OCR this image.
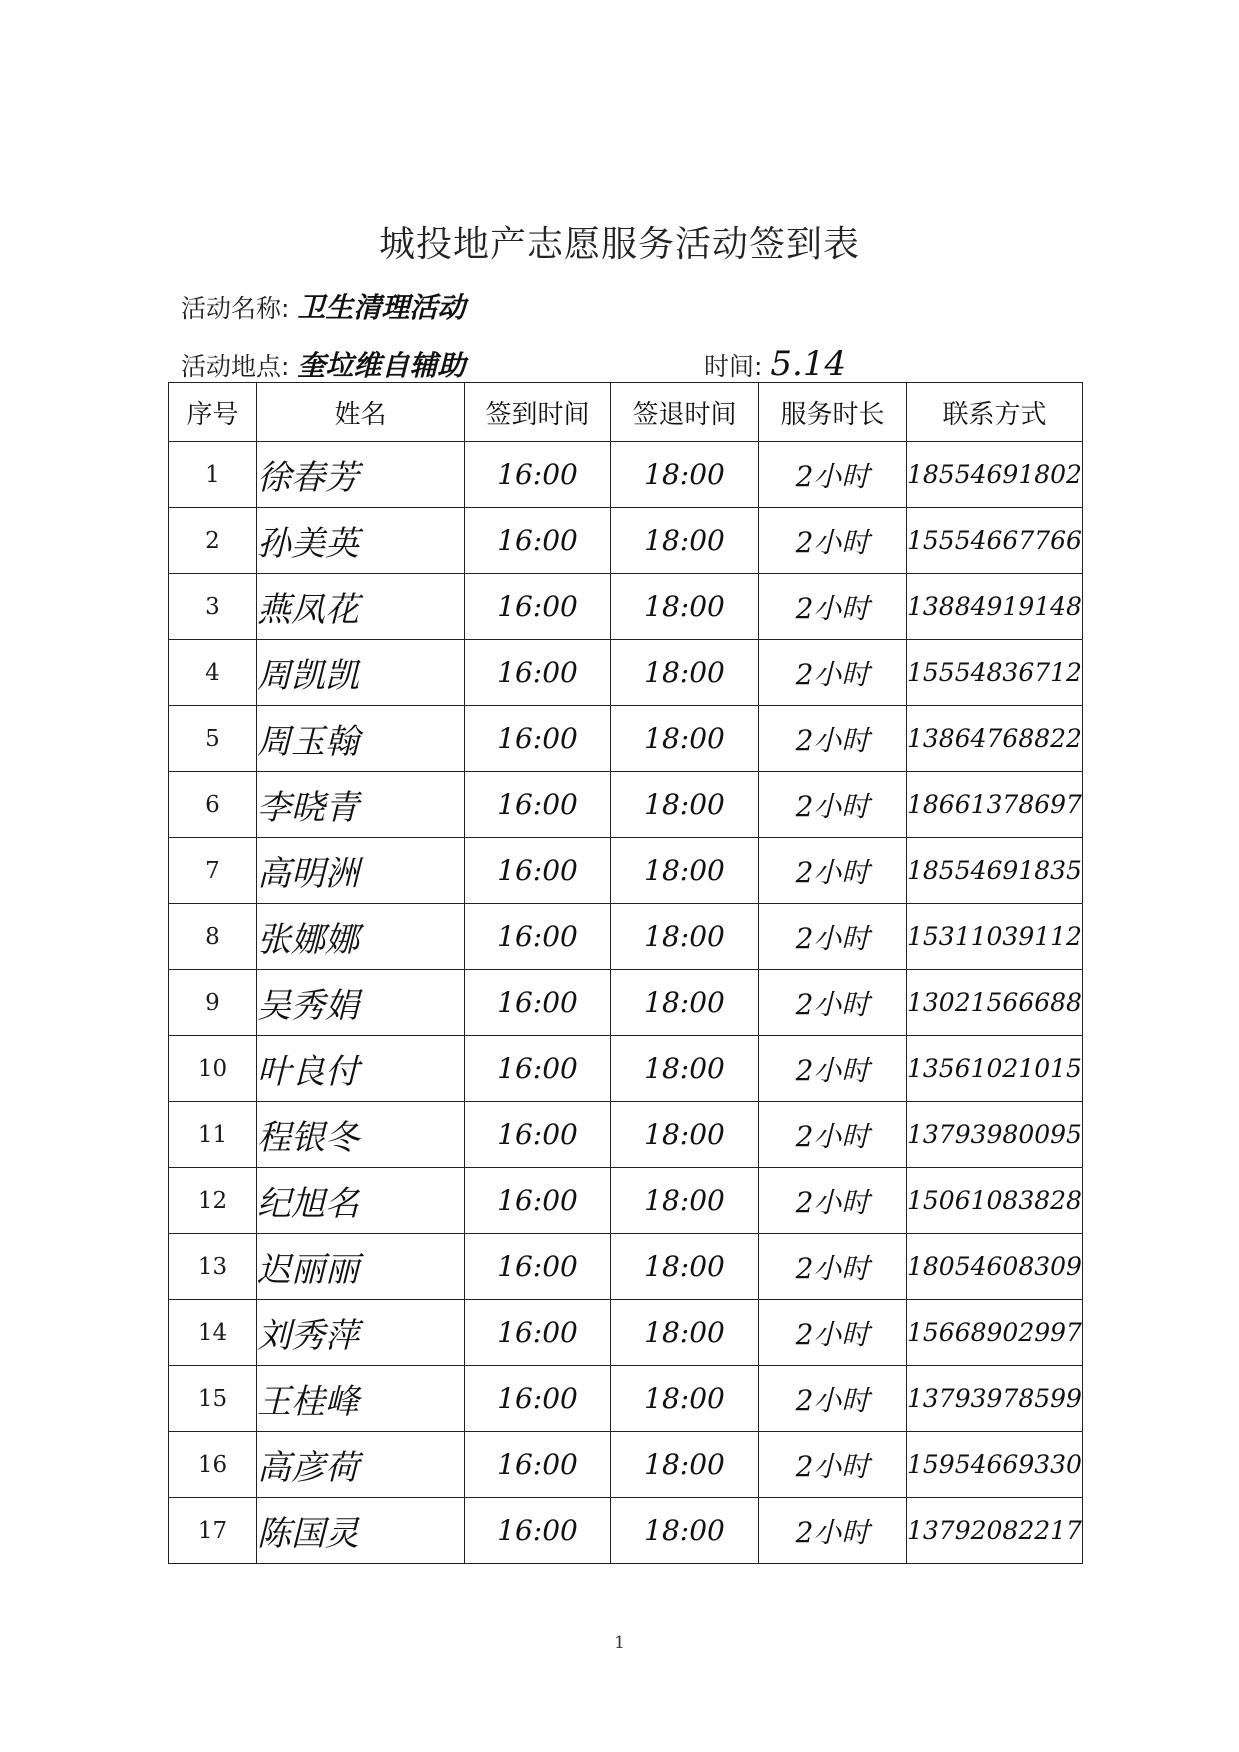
城投地产志愿服务活动签到表
活动名称: 卫生清理活动
活动地点: 奎垃维自辅助	时间: 5.14
序号	姓名	签到时间	签退时间	服务时长	联系方式
1	徐春芳	16:00	18:00	2小时	18554691802
2	孙美英	16:00	18:00	2小时	15554667766
3	燕凤花	16:00	18:00	2小时	13884919148
4	周凯凯	16:00	18:00	2小时	15554836712
5	周玉翰	16:00	18:00	2小时	13864768822
6	李晓青	16:00	18:00	2小时	18661378697
7	高明洲	16:00	18:00	2小时	18554691835
8	张娜娜	16:00	18:00	2小时	15311039112
9	吴秀娟	16:00	18:00	2小时	13021566688
10	叶良付	16:00	18:00	2小时	13561021015
11	程银冬	16:00	18:00	2小时	13793980095
12	纪旭名	16:00	18:00	2小时	15061083828
13	迟丽丽	16:00	18:00	2小时	18054608309
14	刘秀萍	16:00	18:00	2小时	15668902997
15	王桂峰	16:00	18:00	2小时	13793978599
16	高彦荷	16:00	18:00	2小时	15954669330
17	陈国灵	16:00	18:00	2小时	13792082217
1
